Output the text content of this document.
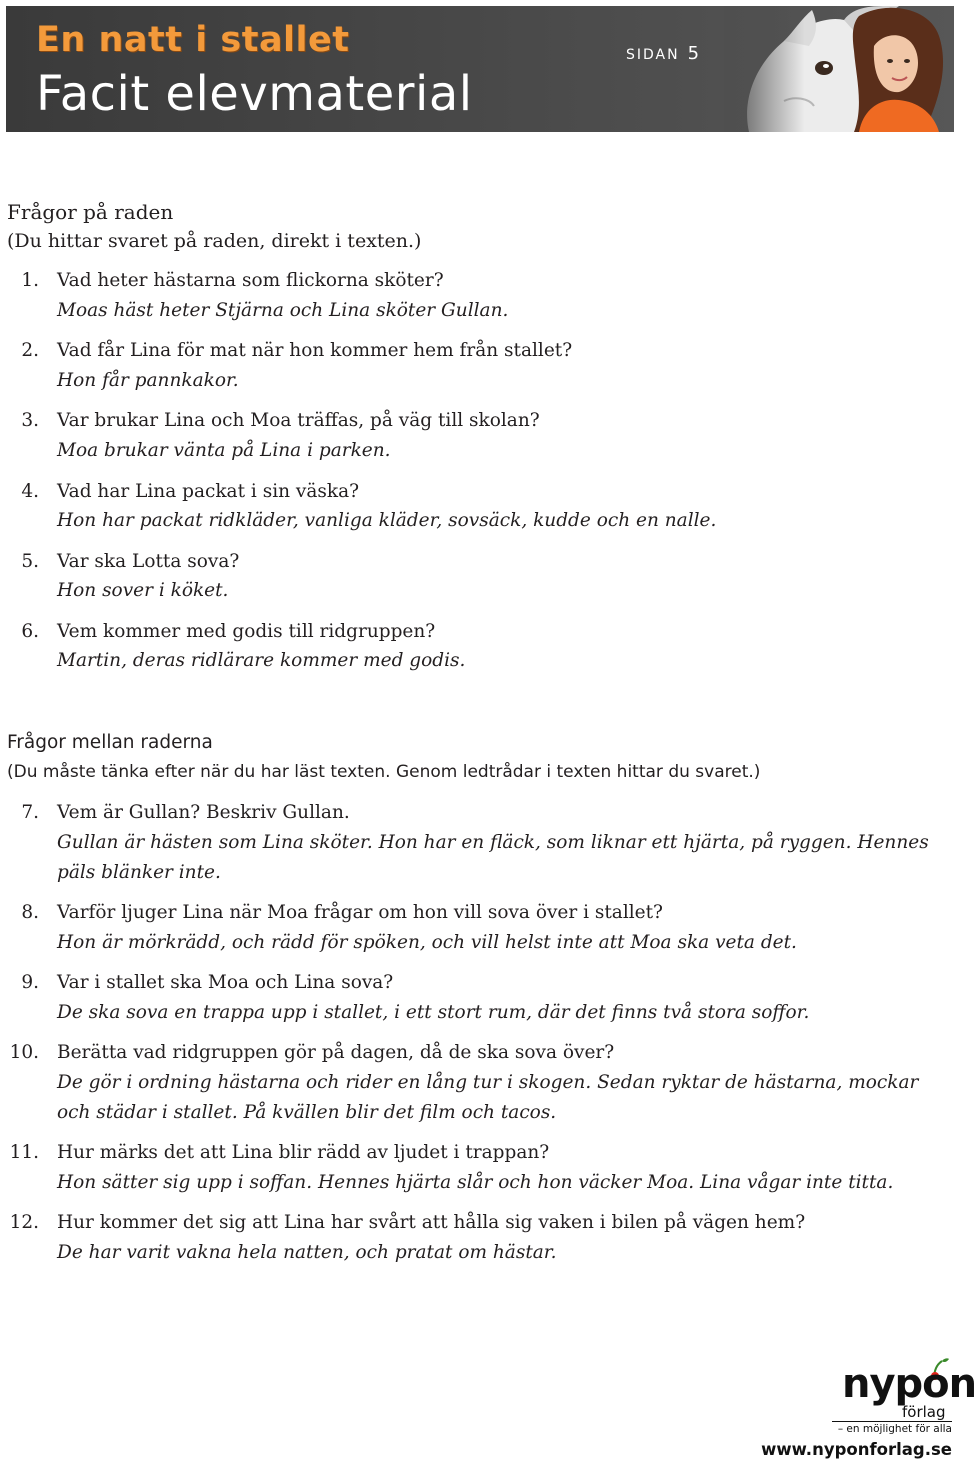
En natt i stallet
Facit elevmaterial
SIDAN 5
Frågor på raden
(Du hittar svaret på raden, direkt i texten.)
1. Vad heter hästarna som flickorna sköter?
Moas häst heter Stjärna och Lina sköter Gullan.
2. Vad får Lina för mat när hon kommer hem från stallet?
Hon får pannkakor.
3. Var brukar Lina och Moa träffas, på väg till skolan?
Moa brukar vänta på Lina i parken.
4. Vad har Lina packat i sin väska?
Hon har packat ridkläder, vanliga kläder, sovsäck, kudde och en nalle.
5. Var ska Lotta sova?
Hon sover i köket.
6. Vem kommer med godis till ridgruppen?
Martin, deras ridlärare kommer med godis.
Frågor mellan raderna
(Du måste tänka efter när du har läst texten. Genom ledtrådar i texten hittar du svaret.)
7. Vem är Gullan? Beskriv Gullan.
Gullan är hästen som Lina sköter. Hon har en fläck, som liknar ett hjärta, på ryggen. Hennes päls blänker inte.
8. Varför ljuger Lina när Moa frågar om hon vill sova över i stallet?
Hon är mörkrädd, och rädd för spöken, och vill helst inte att Moa ska veta det.
9. Var i stallet ska Moa och Lina sova?
De ska sova en trappa upp i stallet, i ett stort rum, där det finns två stora soffor.
10. Berätta vad ridgruppen gör på dagen, då de ska sova över?
De gör i ordning hästarna och rider en lång tur i skogen. Sedan ryktar de hästarna, mockar och städar i stallet. På kvällen blir det film och tacos.
11. Hur märks det att Lina blir rädd av ljudet i trappan?
Hon sätter sig upp i soffan. Hennes hjärta slår och hon väcker Moa. Lina vågar inte titta.
12. Hur kommer det sig att Lina har svårt att hålla sig vaken i bilen på vägen hem?
De har varit vakna hela natten, och pratat om hästar.
nypon
förlag
– en möjlighet för alla
www.nyponforlag.se
